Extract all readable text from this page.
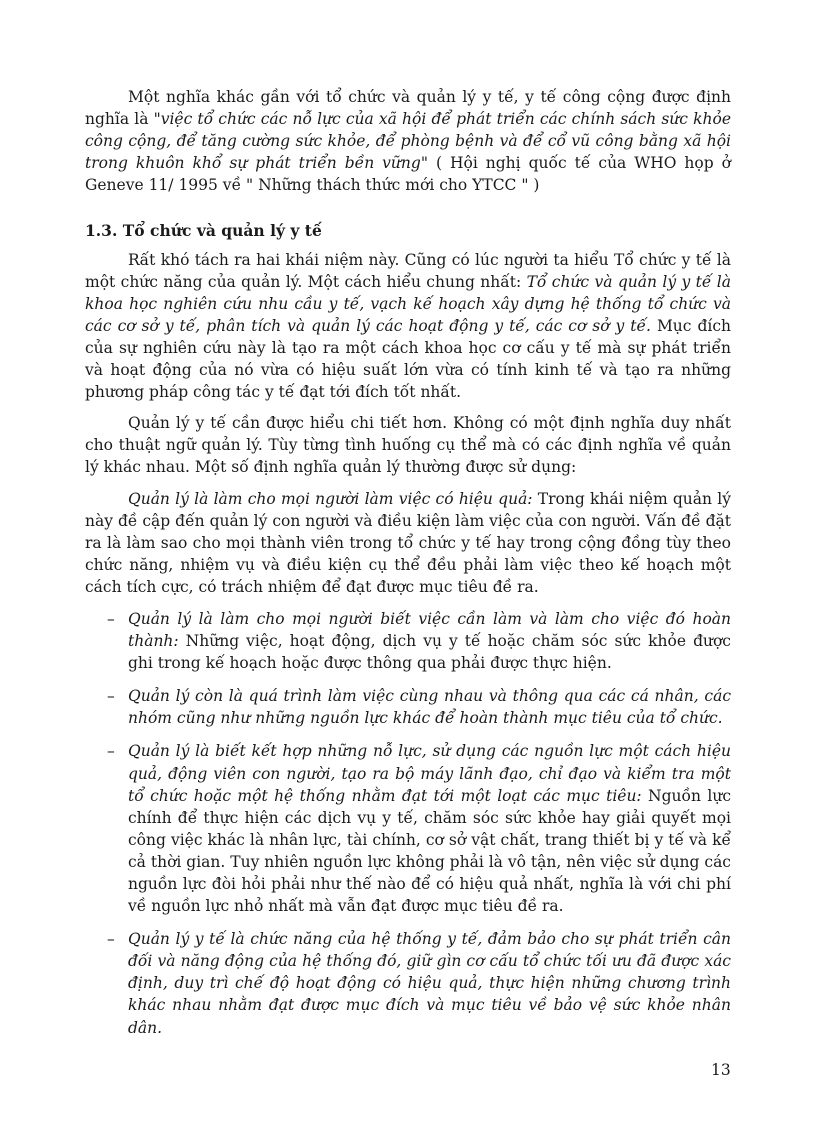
Một nghĩa khác gần với tổ chức và quản lý y tế, y tế công cộng được định nghĩa là "việc tổ chức các nỗ lực của xã hội để phát triển các chính sách sức khỏe công cộng, để tăng cường sức khỏe, để phòng bệnh và để cổ vũ công bằng xã hội trong khuôn khổ sự phát triển bền vững" ( Hội nghị quốc tế của WHO họp ở Geneve 11/ 1995 về " Những thách thức mới cho YTCC " )

1.3. Tổ chức và quản lý y tế

Rất khó tách ra hai khái niệm này. Cũng có lúc người ta hiểu Tổ chức y tế là một chức năng của quản lý. Một cách hiểu chung nhất: Tổ chức và quản lý y tế là khoa học nghiên cứu nhu cầu y tế, vạch kế hoạch xây dựng hệ thống tổ chức và các cơ sở y tế, phân tích và quản lý các hoạt động y tế, các cơ sở y tế. Mục đích của sự nghiên cứu này là tạo ra một cách khoa học cơ cấu y tế mà sự phát triển và hoạt động của nó vừa có hiệu suất lớn vừa có tính kinh tế và tạo ra những phương pháp công tác y tế đạt tới đích tốt nhất.

Quản lý y tế cần được hiểu chi tiết hơn. Không có một định nghĩa duy nhất cho thuật ngữ quản lý. Tùy từng tình huống cụ thể mà có các định nghĩa về quản lý khác nhau. Một số định nghĩa quản lý thường được sử dụng:

Quản lý là làm cho mọi người làm việc có hiệu quả: Trong khái niệm quản lý này đề cập đến quản lý con người và điều kiện làm việc của con người. Vấn đề đặt ra là làm sao cho mọi thành viên trong tổ chức y tế hay trong cộng đồng tùy theo chức năng, nhiệm vụ và điều kiện cụ thể đều phải làm việc theo kế hoạch một cách tích cực, có trách nhiệm để đạt được mục tiêu đề ra.

– Quản lý là làm cho mọi người biết việc cần làm và làm cho việc đó hoàn thành: Những việc, hoạt động, dịch vụ y tế hoặc chăm sóc sức khỏe được ghi trong kế hoạch hoặc được thông qua phải được thực hiện.
– Quản lý còn là quá trình làm việc cùng nhau và thông qua các cá nhân, các nhóm cũng như những nguồn lực khác để hoàn thành mục tiêu của tổ chức.
– Quản lý là biết kết hợp những nỗ lực, sử dụng các nguồn lực một cách hiệu quả, động viên con người, tạo ra bộ máy lãnh đạo, chỉ đạo và kiểm tra một tổ chức hoặc một hệ thống nhằm đạt tới một loạt các mục tiêu: Nguồn lực chính để thực hiện các dịch vụ y tế, chăm sóc sức khỏe hay giải quyết mọi công việc khác là nhân lực, tài chính, cơ sở vật chất, trang thiết bị y tế và kể cả thời gian. Tuy nhiên nguồn lực không phải là vô tận, nên việc sử dụng các nguồn lực đòi hỏi phải như thế nào để có hiệu quả nhất, nghĩa là với chi phí về nguồn lực nhỏ nhất mà vẫn đạt được mục tiêu đề ra.
– Quản lý y tế là chức năng của hệ thống y tế, đảm bảo cho sự phát triển cân đối và năng động của hệ thống đó, giữ gìn cơ cấu tổ chức tối ưu đã được xác định, duy trì chế độ hoạt động có hiệu quả, thực hiện những chương trình khác nhau nhằm đạt được mục đích và mục tiêu về bảo vệ sức khỏe nhân dân.
13
